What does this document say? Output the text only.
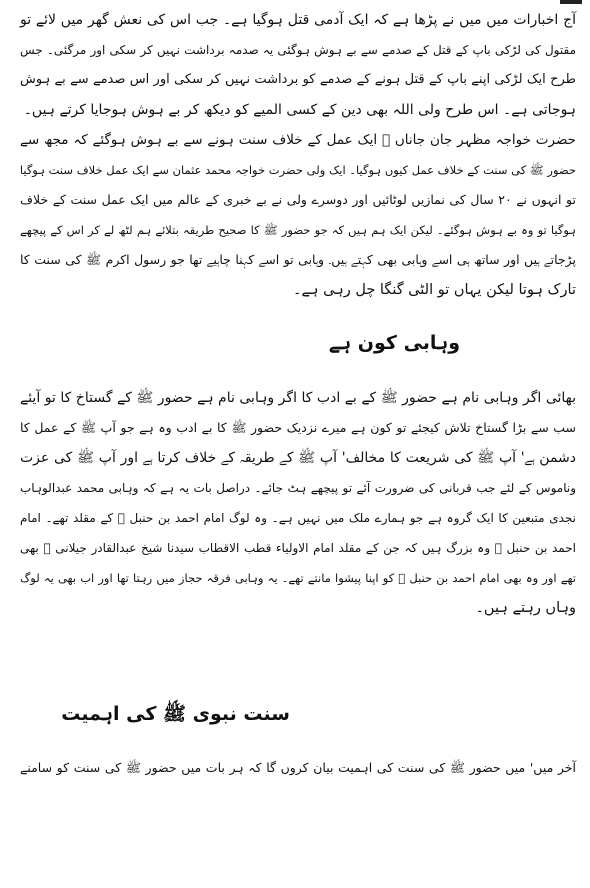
آج اخبارات میں میں نے پڑھا ہے کہ ایک آدمی قتل ہوگیا ہے۔ جب اس کی نعش گھر میں لائے تو
مقتول کی لڑکی باپ کے قتل کے صدمے سے بے ہوش ہوگئی یہ صدمہ برداشت نہیں کر سکی اور مرگئی۔ جس
طرح ایک لڑکی اپنے باپ کے قتل ہونے کے صدمے کو برداشت نہیں کر سکی اور اس صدمے سے بے ہوش
ہوجاتی ہے۔ اس طرح ولی اللہ بھی دین کے کسی المیے کو دیکھ کر بے ہوش ہوجایا کرتے ہیں۔
حضرت خواجہ مظہر جان جاناں ﷫ ایک عمل کے خلاف سنت ہونے سے بے ہوش ہوگئے کہ مجھ سے
حضور ﷺ کی سنت کے خلاف عمل کیوں ہوگیا۔ ایک ولی حضرت خواجہ محمد عثمان سے ایک عمل خلاف سنت ہوگیا
تو انہوں نے ۲۰ سال کی نمازیں لوٹائیں اور دوسرے ولی نے بے خبری کے عالم میں ایک عمل سنت کے خلاف
ہوگیا تو وہ بے ہوش ہوگئے۔ لیکن ایک ہم ہیں کہ جو حضور ﷺ کا صحیح طریقہ بتلائے ہم لٹھ لے کر اس کے پیچھے
پڑجاتے ہیں اور ساتھ ہی اسے وہابی بھی کہتے ہیں۔ وہابی تو اسے کہنا چاہیے تھا جو رسول اکرم ﷺ کی سنت کا
تارک ہوتا لیکن یہاں تو الٹی گنگا چل رہی ہے۔
وہابی کون ہے
بھائی اگر وہابی نام ہے حضور ﷺ کے بے ادب کا اگر وہابی نام ہے حضور ﷺ کے گستاخ کا تو آیئے
سب سے بڑا گستاخ تلاش کیجئے تو کون ہے میرے نزدیک حضور ﷺ کا بے ادب وہ ہے جو آپ ﷺ کے عمل کا
دشمن ہے' آپ ﷺ کی شریعت کا مخالف' آپ ﷺ کے طریقہ کے خلاف کرتا ہے اور آپ ﷺ کی عزت
وناموس کے لئے جب قربانی کی ضرورت آئے تو پیچھے ہٹ جائے۔ دراصل بات یہ ہے کہ وہابی محمد عبدالوہاب
نجدی متبعین کا ایک گروہ ہے جو ہمارے ملک میں نہیں ہے۔ وہ لوگ امام احمد بن حنبل ﷫ کے مقلد تھے۔ امام
احمد بن حنبل ﷫ وہ بزرگ ہیں کہ جن کے مقلد امام الاولیاء قطب الاقطاب سیدنا شیخ عبدالقادر جیلانی ﷫ بھی
تھے اور وہ بھی امام احمد بن حنبل ﷫ کو اپنا پیشوا مانتے تھے۔ یہ وہابی فرقہ حجاز میں رہتا تھا اور اب بھی یہ لوگ
وہاں رہتے ہیں۔
سنت نبوی ﷺ کی اہمیت
آخر میں' میں حضور ﷺ کی سنت کی اہمیت بیان کروں گا کہ ہر بات میں حضور ﷺ کی سنت کو سامنے
